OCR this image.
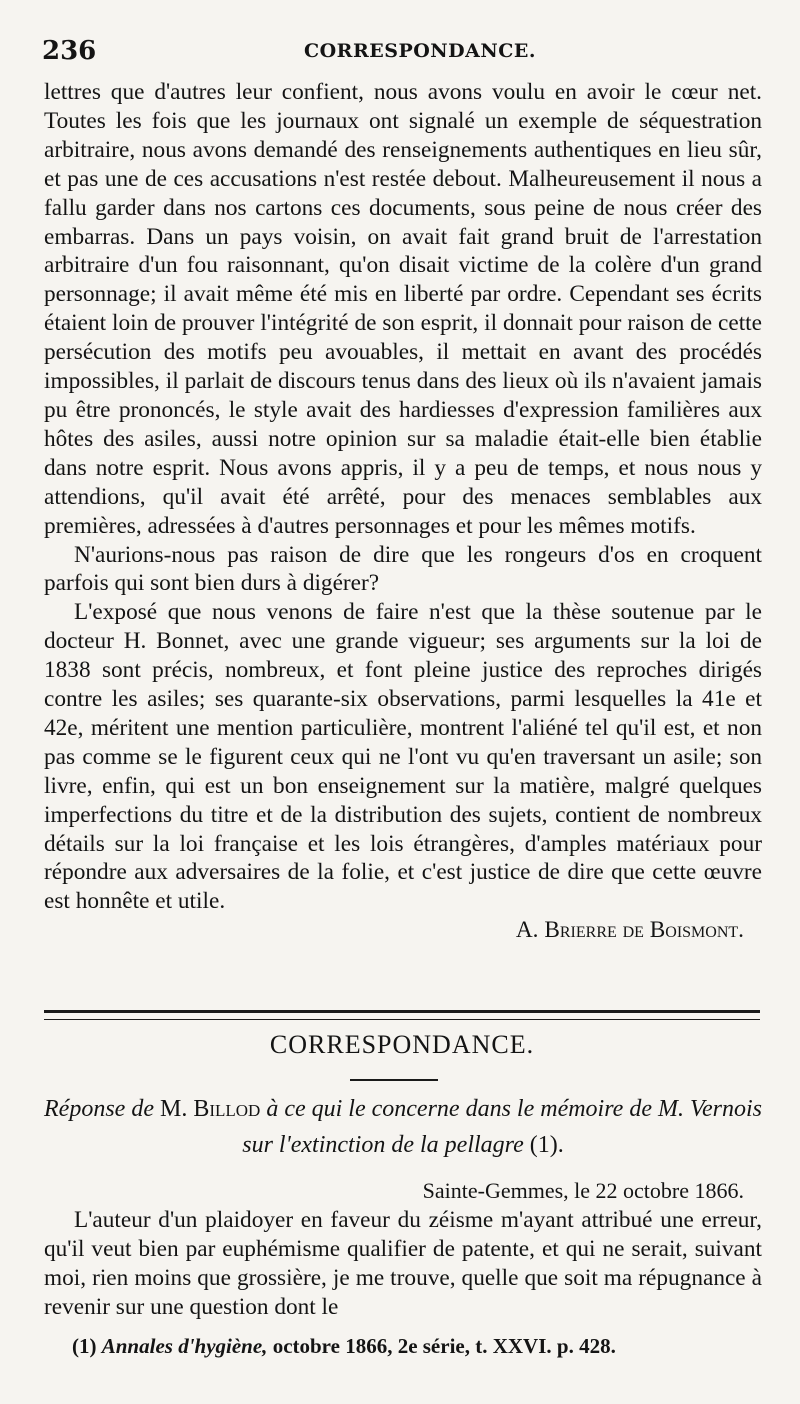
236	CORRESPONDANCE.

lettres que d'autres leur confient, nous avons voulu en avoir le cœur net. Toutes les fois que les journaux ont signalé un exemple de séquestration arbitraire, nous avons demandé des renseignements authentiques en lieu sûr, et pas une de ces accusations n'est restée debout. Malheureusement il nous a fallu garder dans nos cartons ces documents, sous peine de nous créer des embarras. Dans un pays voisin, on avait fait grand bruit de l'arrestation arbitraire d'un fou raisonnant, qu'on disait victime de la colère d'un grand personnage; il avait même été mis en liberté par ordre. Cependant ses écrits étaient loin de prouver l'intégrité de son esprit, il donnait pour raison de cette persécution des motifs peu avouables, il mettait en avant des procédés impossibles, il parlait de discours tenus dans des lieux où ils n'avaient jamais pu être prononcés, le style avait des hardiesses d'expression familières aux hôtes des asiles, aussi notre opinion sur sa maladie était-elle bien établie dans notre esprit. Nous avons appris, il y a peu de temps, et nous nous y attendions, qu'il avait été arrêté, pour des menaces semblables aux premières, adressées à d'autres personnages et pour les mêmes motifs.

N'aurions-nous pas raison de dire que les rongeurs d'os en croquent parfois qui sont bien durs à digérer?

L'exposé que nous venons de faire n'est que la thèse soutenue par le docteur H. Bonnet, avec une grande vigueur; ses arguments sur la loi de 1838 sont précis, nombreux, et font pleine justice des reproches dirigés contre les asiles; ses quarante-six observations, parmi lesquelles la 41e et 42e, méritent une mention particulière, montrent l'aliéné tel qu'il est, et non pas comme se le figurent ceux qui ne l'ont vu qu'en traversant un asile; son livre, enfin, qui est un bon enseignement sur la matière, malgré quelques imperfections du titre et de la distribution des sujets, contient de nombreux détails sur la loi française et les lois étrangères, d'amples matériaux pour répondre aux adversaires de la folie, et c'est justice de dire que cette œuvre est honnête et utile.
A. Brierre de Boismont.

CORRESPONDANCE.
Réponse de M. Billod à ce qui le concerne dans le mémoire de M. Vernois sur l'extinction de la pellagre (1).
Sainte-Gemmes, le 22 octobre 1866.

L'auteur d'un plaidoyer en faveur du zéisme m'ayant attribué une erreur, qu'il veut bien par euphémisme qualifier de patente, et qui ne serait, suivant moi, rien moins que grossière, je me trouve, quelle que soit ma répugnance à revenir sur une question dont le

(1) Annales d'hygiène, octobre 1866, 2e série, t. XXVI. p. 428.
